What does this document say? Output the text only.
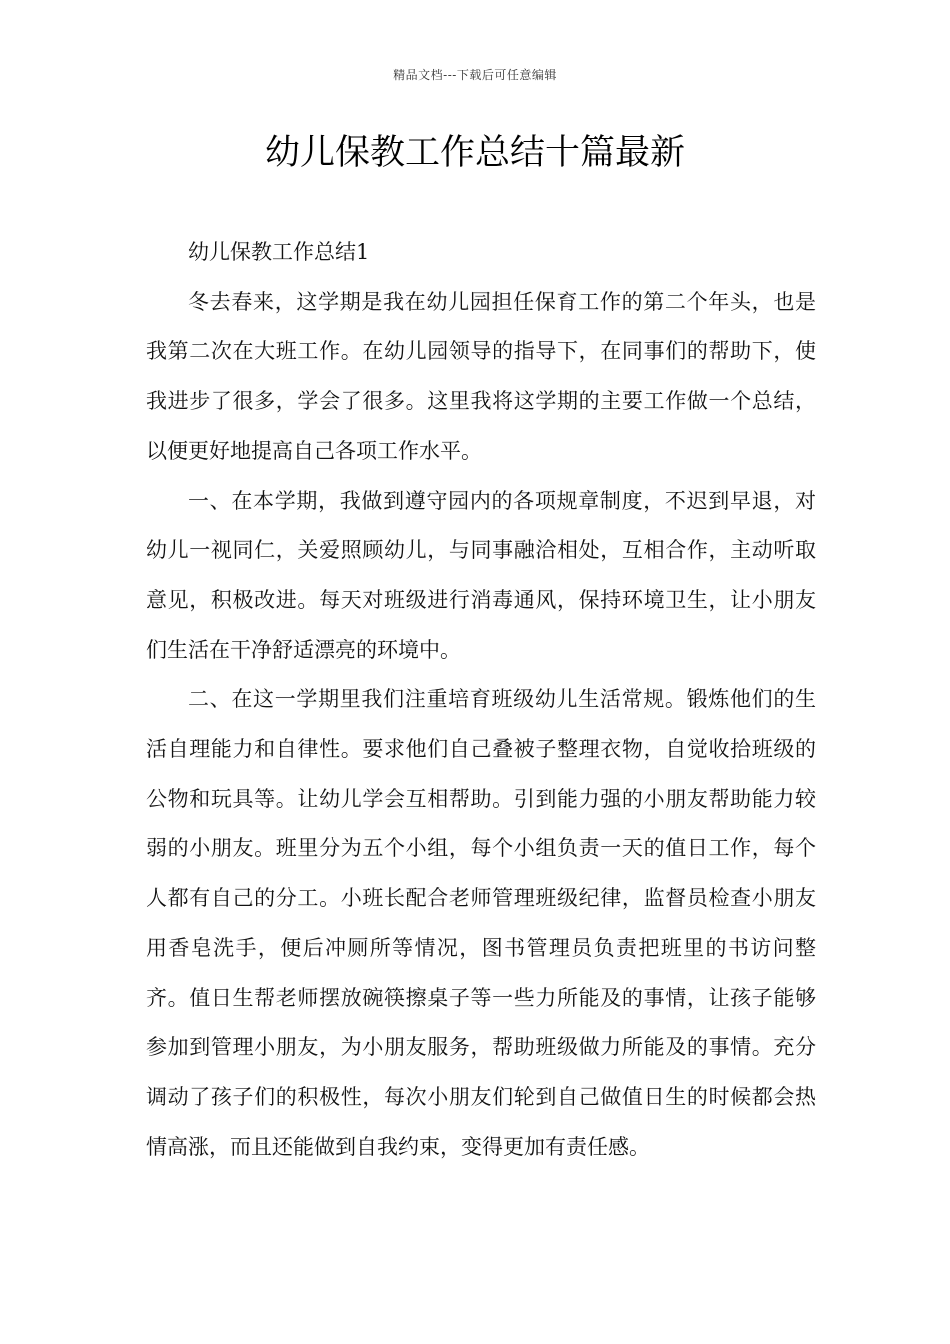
精品文档---下载后可任意编辑
幼儿保教工作总结十篇最新

幼儿保教工作总结1

冬去春来，这学期是我在幼儿园担任保育工作的第二个年头，也是我第二次在大班工作。在幼儿园领导的指导下，在同事们的帮助下，使我进步了很多，学会了很多。这里我将这学期的主要工作做一个总结，以便更好地提高自己各项工作水平。

一、在本学期，我做到遵守园内的各项规章制度，不迟到早退，对幼儿一视同仁，关爱照顾幼儿，与同事融洽相处，互相合作，主动听取意见，积极改进。每天对班级进行消毒通风，保持环境卫生，让小朋友们生活在干净舒适漂亮的环境中。

二、在这一学期里我们注重培育班级幼儿生活常规。锻炼他们的生活自理能力和自律性。要求他们自己叠被子整理衣物，自觉收拾班级的公物和玩具等。让幼儿学会互相帮助。引到能力强的小朋友帮助能力较弱的小朋友。班里分为五个小组，每个小组负责一天的值日工作，每个人都有自己的分工。小班长配合老师管理班级纪律，监督员检查小朋友用香皂洗手，便后冲厕所等情况，图书管理员负责把班里的书访问整齐。值日生帮老师摆放碗筷擦桌子等一些力所能及的事情，让孩子能够参加到管理小朋友，为小朋友服务，帮助班级做力所能及的事情。充分调动了孩子们的积极性，每次小朋友们轮到自己做值日生的时候都会热情高涨，而且还能做到自我约束，变得更加有责任感。
